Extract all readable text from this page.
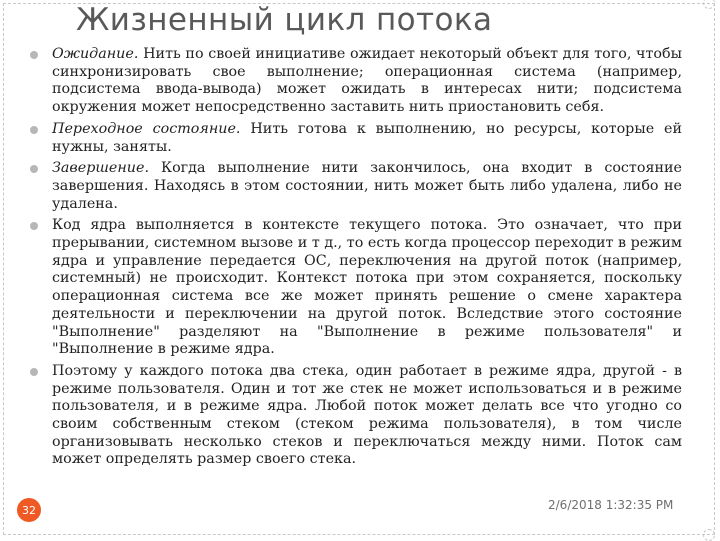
Жизненный цикл потока
Ожидание. Нить по своей инициативе ожидает некоторый объект для того, чтобы синхронизировать свое выполнение; операционная система (например, подсистема ввода-вывода) может ожидать в интересах нити; подсистема окружения может непосредственно заставить нить приостановить себя.
Переходное состояние. Нить готова к выполнению, но ресурсы, которые ей нужны, заняты.
Завершение. Когда выполнение нити закончилось, она входит в состояние завершения. Находясь в этом состоянии, нить может быть либо удалена, либо не удалена.
Код ядра выполняется в контексте текущего потока. Это означает, что при прерывании, системном вызове и т д., то есть когда процессор переходит в режим ядра и управление передается ОС, переключения на другой поток (например, системный) не происходит. Контекст потока при этом сохраняется, поскольку операционная система все же может принять решение о смене характера деятельности и переключении на другой поток. Вследствие этого состояние "Выполнение" разделяют на "Выполнение в режиме пользователя" и "Выполнение в режиме ядра.
Поэтому у каждого потока два стека, один работает в режиме ядра, другой - в режиме пользователя. Один и тот же стек не может использоваться и в режиме пользователя, и в режиме ядра. Любой поток может делать все что угодно со своим собственным стеком (стеком режима пользователя), в том числе организовывать несколько стеков и переключаться между ними. Поток сам может определять размер своего стека.
32	2/6/2018 1:32:35 PM
